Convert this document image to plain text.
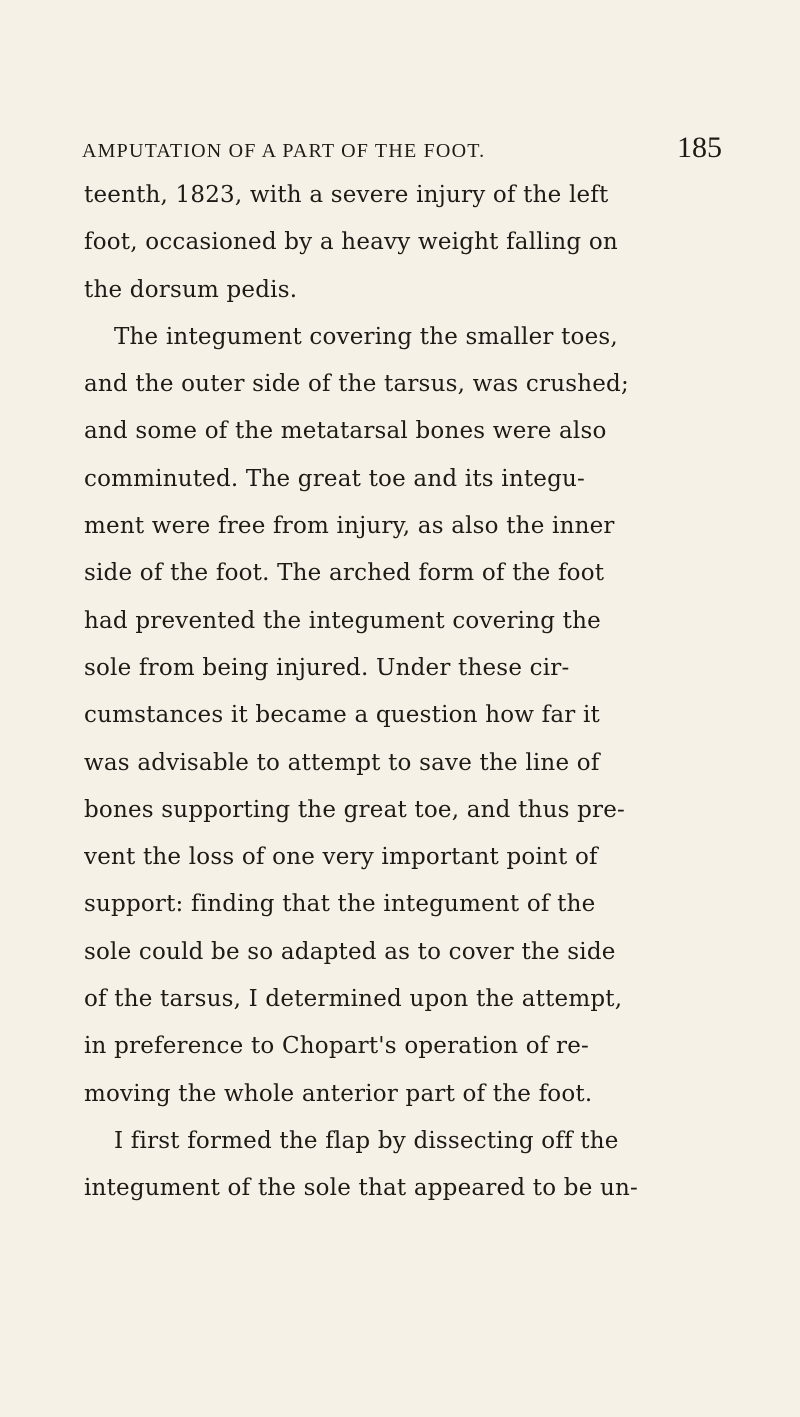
AMPUTATION OF A PART OF THE FOOT.	185
teenth, 1823, with a severe injury of the left
foot, occasioned by a heavy weight falling on
the dorsum pedis.
The integument covering the smaller toes,
and the outer side of the tarsus, was crushed;
and some of the metatarsal bones were also
comminuted. The great toe and its integu-
ment were free from injury, as also the inner
side of the foot. The arched form of the foot
had prevented the integument covering the
sole from being injured. Under these cir-
cumstances it became a question how far it
was advisable to attempt to save the line of
bones supporting the great toe, and thus pre-
vent the loss of one very important point of
support: finding that the integument of the
sole could be so adapted as to cover the side
of the tarsus, I determined upon the attempt,
in preference to Chopart's operation of re-
moving the whole anterior part of the foot.
I first formed the flap by dissecting off the
integument of the sole that appeared to be un-
